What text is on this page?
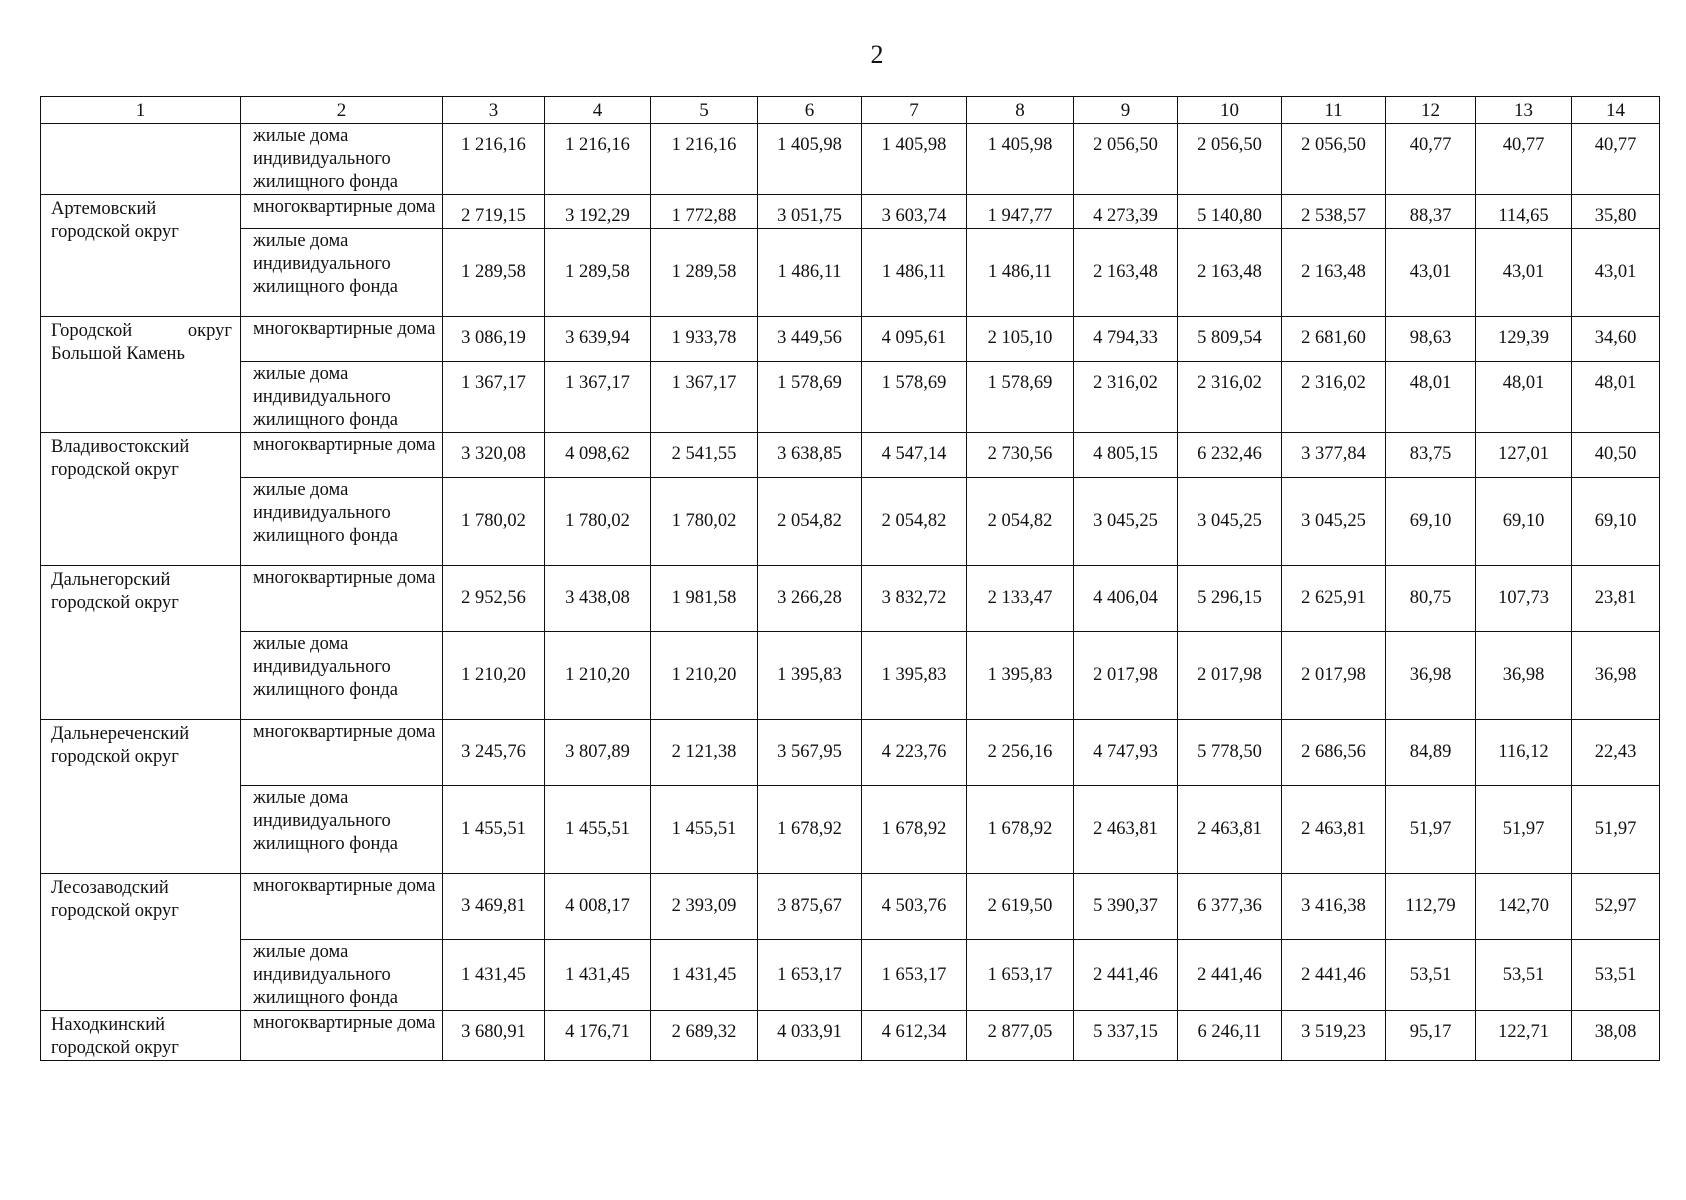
2
1	2	3	4	5	6	7	8	9	10	11	12	13	14
	жилые дома индивидуального жилищного фонда	1 216,16	1 216,16	1 216,16	1 405,98	1 405,98	1 405,98	2 056,50	2 056,50	2 056,50	40,77	40,77	40,77
Артемовский городской округ	многоквартирные дома	2 719,15	3 192,29	1 772,88	3 051,75	3 603,74	1 947,77	4 273,39	5 140,80	2 538,57	88,37	114,65	35,80
	жилые дома индивидуального жилищного фонда	1 289,58	1 289,58	1 289,58	1 486,11	1 486,11	1 486,11	2 163,48	2 163,48	2 163,48	43,01	43,01	43,01

Городской округ Большой Камень	многоквартирные дома	3 086,19	3 639,94	1 933,78	3 449,56	4 095,61	2 105,10	4 794,33	5 809,54	2 681,60	98,63	129,39	34,60
	жилые дома индивидуального жилищного фонда	1 367,17	1 367,17	1 367,17	1 578,69	1 578,69	1 578,69	2 316,02	2 316,02	2 316,02	48,01	48,01	48,01
Владивостокский городской округ	многоквартирные дома	3 320,08	4 098,62	2 541,55	3 638,85	4 547,14	2 730,56	4 805,15	6 232,46	3 377,84	83,75	127,01	40,50
	жилые дома индивидуального жилищного фонда	1 780,02	1 780,02	1 780,02	2 054,82	2 054,82	2 054,82	3 045,25	3 045,25	3 045,25	69,10	69,10	69,10
Дальнегорский городской округ	многоквартирные дома	2 952,56	3 438,08	1 981,58	3 266,28	3 832,72	2 133,47	4 406,04	5 296,15	2 625,91	80,75	107,73	23,81
	жилые дома индивидуального жилищного фонда	1 210,20	1 210,20	1 210,20	1 395,83	1 395,83	1 395,83	2 017,98	2 017,98	2 017,98	36,98	36,98	36,98
Дальнереченский городской округ	многоквартирные дома	3 245,76	3 807,89	2 121,38	3 567,95	4 223,76	2 256,16	4 747,93	5 778,50	2 686,56	84,89	116,12	22,43
	жилые дома индивидуального жилищного фонда	1 455,51	1 455,51	1 455,51	1 678,92	1 678,92	1 678,92	2 463,81	2 463,81	2 463,81	51,97	51,97	51,97
Лесозаводский городской округ	многоквартирные дома	3 469,81	4 008,17	2 393,09	3 875,67	4 503,76	2 619,50	5 390,37	6 377,36	3 416,38	112,79	142,70	52,97
	жилые дома индивидуального жилищного фонда	1 431,45	1 431,45	1 431,45	1 653,17	1 653,17	1 653,17	2 441,46	2 441,46	2 441,46	53,51	53,51	53,51
Находкинский городской округ	многоквартирные дома	3 680,91	4 176,71	2 689,32	4 033,91	4 612,34	2 877,05	5 337,15	6 246,11	3 519,23	95,17	122,71	38,08
